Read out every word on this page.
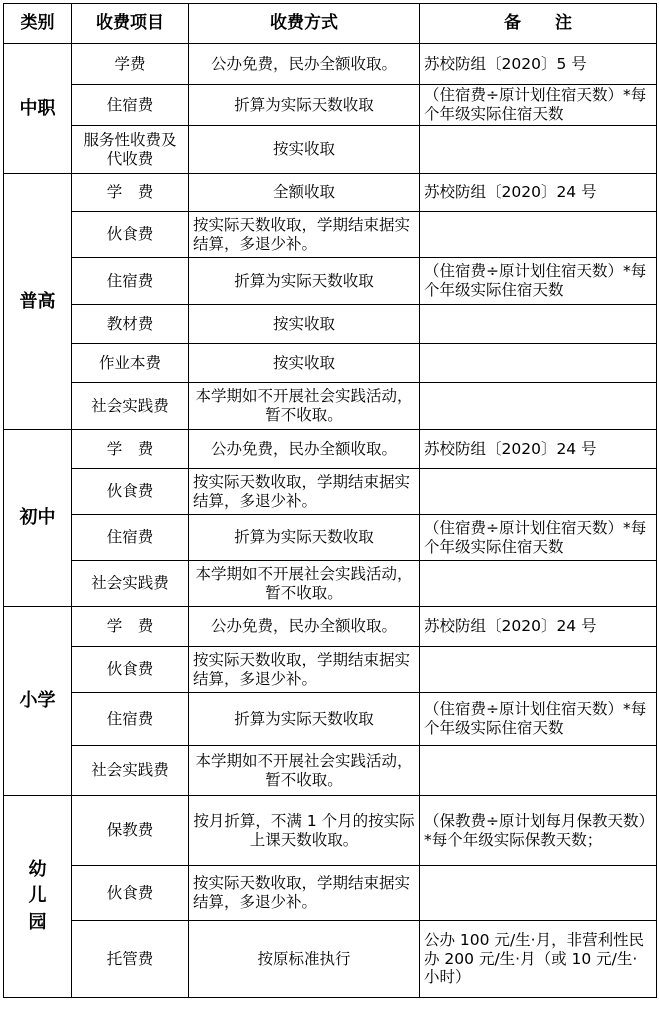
类别	收费项目	收费方式	备　　注
中职	学费	公办免费，民办全额收取。	苏校防组〔2020〕5 号
	住宿费	折算为实际天数收取	（住宿费÷原计划住宿天数）*每个年级实际住宿天数
	服务性收费及代收费	按实收取	
普高	学　费	全额收取	苏校防组〔2020〕24 号
	伙食费	按实际天数收取，学期结束据实结算，多退少补。	
	住宿费	折算为实际天数收取	（住宿费÷原计划住宿天数）*每个年级实际住宿天数
	教材费	按实收取	
	作业本费	按实收取	
	社会实践费	本学期如不开展社会实践活动，暂不收取。	
初中	学　费	公办免费，民办全额收取。	苏校防组〔2020〕24 号
	伙食费	按实际天数收取，学期结束据实结算，多退少补。	
	住宿费	折算为实际天数收取	（住宿费÷原计划住宿天数）*每个年级实际住宿天数
	社会实践费	本学期如不开展社会实践活动，暂不收取。	
小学	学　费	公办免费，民办全额收取。	苏校防组〔2020〕24 号
	伙食费	按实际天数收取，学期结束据实结算，多退少补。	
	住宿费	折算为实际天数收取	（住宿费÷原计划住宿天数）*每个年级实际住宿天数
	社会实践费	本学期如不开展社会实践活动，暂不收取。	
幼儿园	保教费	按月折算，不满 1 个月的按实际上课天数收取。	（保教费÷原计划每月保教天数）*每个年级实际保教天数；
	伙食费	按实际天数收取，学期结束据实结算，多退少补。	
	托管费	按原标准执行	公办 100 元/生·月，非营利性民办 200 元/生·月（或 10 元/生·小时）
